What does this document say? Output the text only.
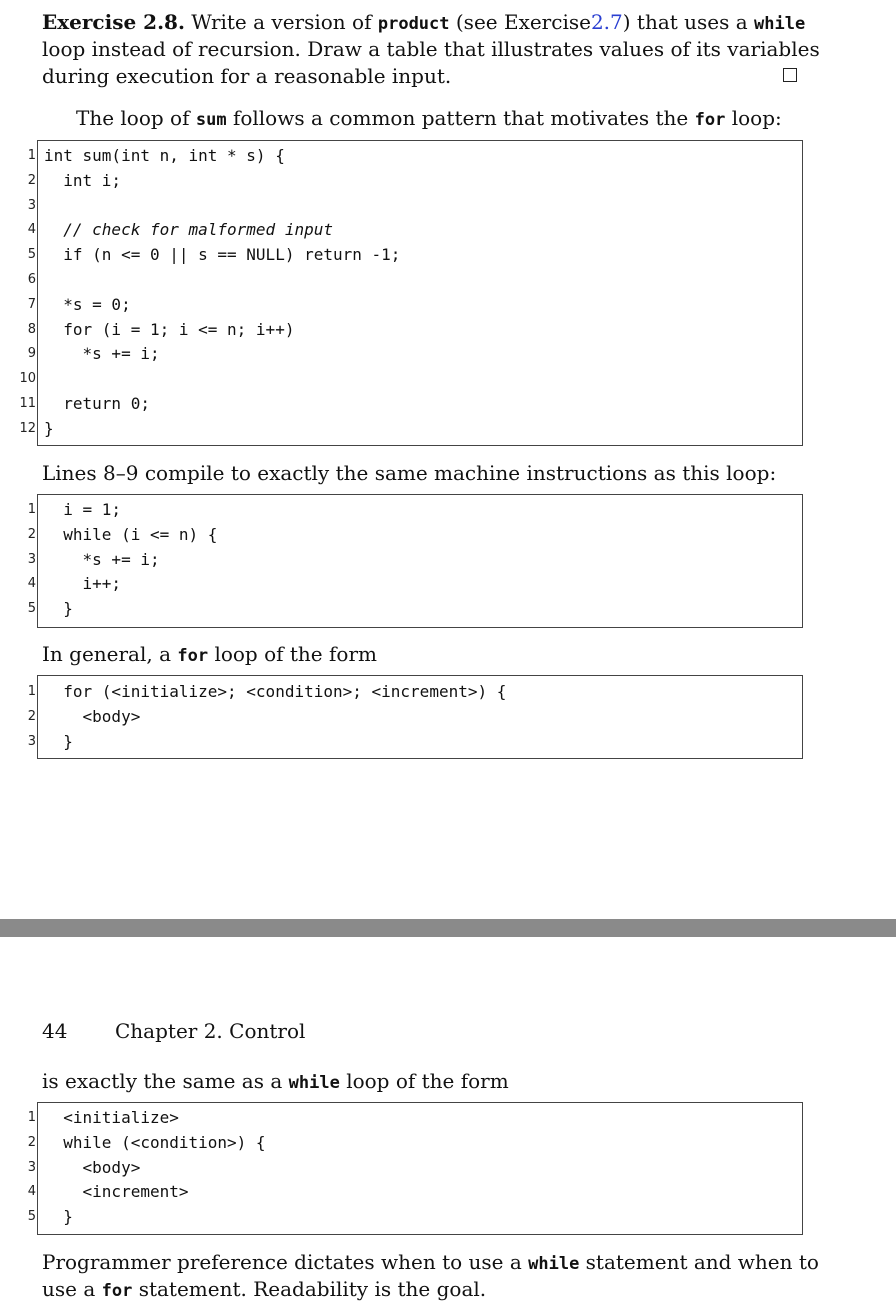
Exercise 2.8. Write a version of product (see Exercise2.7) that uses a while
loop instead of recursion. Draw a table that illustrates values of its variables
during execution for a reasonable input.
The loop of sum follows a common pattern that motivates the for loop:
1 int sum(int n, int * s) {
2 int i;
3
4 // check for malformed input
5 if (n <= 0 || s == NULL) return -1;
6
7 *s = 0;
8 for (i = 1; i <= n; i++)
9 *s += i;
10
11 return 0;
12 }
Lines 8–9 compile to exactly the same machine instructions as this loop:
1 i = 1;
2 while (i <= n) {
3 *s += i;
4 i++;
5 }
In general, a for loop of the form
1 for (<initialize>; <condition>; <increment>) {
2 <body>
3 }
44 Chapter 2. Control
is exactly the same as a while loop of the form
1 <initialize>
2 while (<condition>) {
3 <body>
4 <increment>
5 }
Programmer preference dictates when to use a while statement and when to
use a for statement. Readability is the goal.
